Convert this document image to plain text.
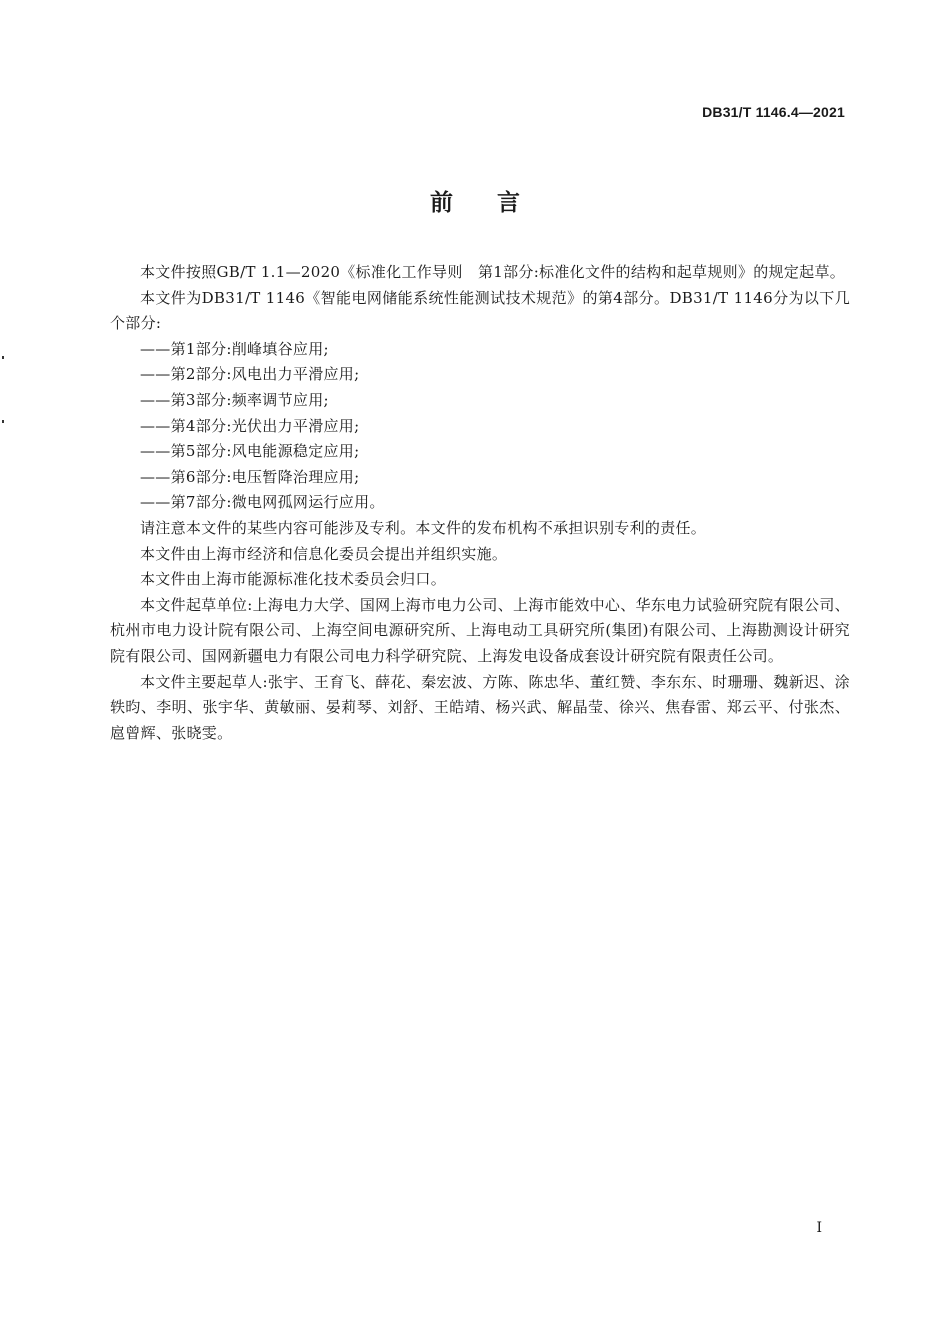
DB31/T 1146.4—2021
前言

本文件按照GB/T 1.1—2020《标准化工作导则　第1部分:标准化文件的结构和起草规则》的规定起草。

本文件为DB31/T 1146《智能电网储能系统性能测试技术规范》的第4部分。DB31/T 1146分为以下几个部分:

——第1部分:削峰填谷应用;

——第2部分:风电出力平滑应用;

——第3部分:频率调节应用;

——第4部分:光伏出力平滑应用;

——第5部分:风电能源稳定应用;

——第6部分:电压暂降治理应用;

——第7部分:微电网孤网运行应用。

请注意本文件的某些内容可能涉及专利。本文件的发布机构不承担识别专利的责任。

本文件由上海市经济和信息化委员会提出并组织实施。

本文件由上海市能源标准化技术委员会归口。

本文件起草单位:上海电力大学、国网上海市电力公司、上海市能效中心、华东电力试验研究院有限公司、杭州市电力设计院有限公司、上海空间电源研究所、上海电动工具研究所(集团)有限公司、上海勘测设计研究院有限公司、国网新疆电力有限公司电力科学研究院、上海发电设备成套设计研究院有限责任公司。

本文件主要起草人:张宇、王育飞、薛花、秦宏波、方陈、陈忠华、董红赞、李东东、时珊珊、魏新迟、涂轶昀、李明、张宇华、黄敏丽、晏莉琴、刘舒、王皓靖、杨兴武、解晶莹、徐兴、焦春雷、郑云平、付张杰、扈曾辉、张晓雯。

I
